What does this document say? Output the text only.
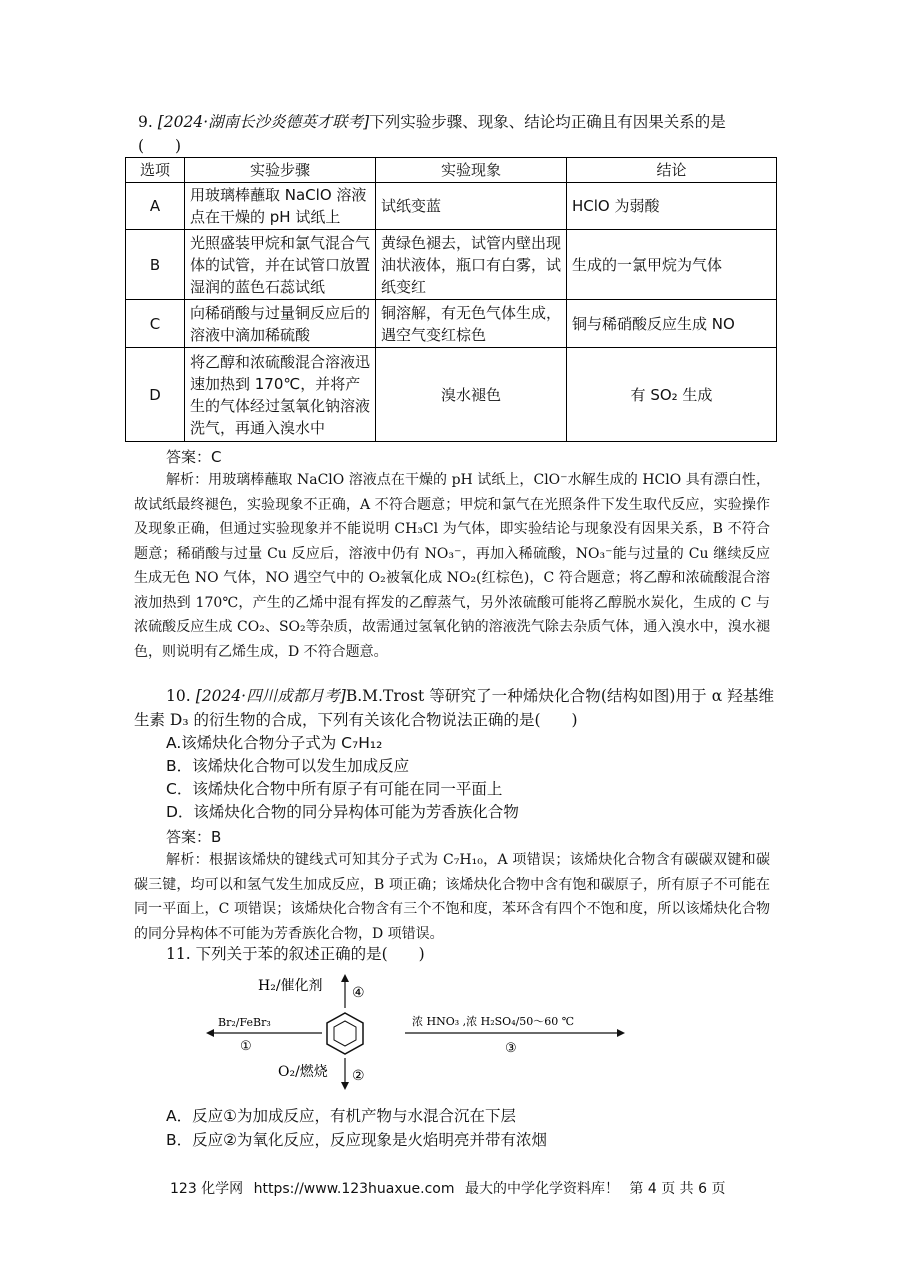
9. [2024·湖南长沙炎德英才联考]下列实验步骤、现象、结论均正确且有因果关系的是
(　　)
选项	实验步骤	实验现象	结论
A	用玻璃棒蘸取 NaClO 溶液点在干燥的 pH 试纸上	试纸变蓝	HClO 为弱酸
B	光照盛装甲烷和氯气混合气体的试管，并在试管口放置湿润的蓝色石蕊试纸	黄绿色褪去，试管内壁出现油状液体，瓶口有白雾，试纸变红	生成的一氯甲烷为气体
C	向稀硝酸与过量铜反应后的溶液中滴加稀硫酸	铜溶解，有无色气体生成，遇空气变红棕色	铜与稀硝酸反应生成 NO
D	将乙醇和浓硫酸混合溶液迅速加热到 170℃，并将产生的气体经过氢氧化钠溶液洗气，再通入溴水中	溴水褪色	有 SO₂ 生成
答案：C
解析：用玻璃棒蘸取 NaClO 溶液点在干燥的 pH 试纸上，ClO⁻水解生成的 HClO 具有漂白性，故试纸最终褪色，实验现象不正确，A 不符合题意；甲烷和氯气在光照条件下发生取代反应，实验操作及现象正确，但通过实验现象并不能说明 CH₃Cl 为气体，即实验结论与现象没有因果关系，B 不符合题意；稀硝酸与过量 Cu 反应后，溶液中仍有 NO₃⁻，再加入稀硫酸，NO₃⁻能与过量的 Cu 继续反应生成无色 NO 气体，NO 遇空气中的 O₂被氧化成 NO₂(红棕色)，C 符合题意；将乙醇和浓硫酸混合溶液加热到 170℃，产生的乙烯中混有挥发的乙醇蒸气，另外浓硫酸可能将乙醇脱水炭化，生成的 C 与浓硫酸反应生成 CO₂、SO₂等杂质，故需通过氢氧化钠的溶液洗气除去杂质气体，通入溴水中，溴水褪色，则说明有乙烯生成，D 不符合题意。
10. [2024·四川成都月考]B.M.Trost 等研究了一种烯炔化合物(结构如图)用于 α 羟基维生素 D₃ 的衍生物的合成，下列有关该化合物说法正确的是(　　)
A.该烯炔化合物分子式为 C₇H₁₂
B．该烯炔化合物可以发生加成反应
C．该烯炔化合物中所有原子有可能在同一平面上
D．该烯炔化合物的同分异构体可能为芳香族化合物
答案：B
解析：根据该烯炔的键线式可知其分子式为 C₇H₁₀，A 项错误；该烯炔化合物含有碳碳双键和碳碳三键，均可以和氢气发生加成反应，B 项正确；该烯炔化合物中含有饱和碳原子，所有原子不可能在同一平面上，C 项错误；该烯炔化合物含有三个不饱和度，苯环含有四个不饱和度，所以该烯炔化合物的同分异构体不可能为芳香族化合物，D 项错误。
11. 下列关于苯的叙述正确的是(　　)
H₂/催化剂 ④
Br₂/FeBr₃
①
浓 HNO₃ ,浓 H₂SO₄/50～60 ℃
③
O₂/燃烧 ②
A．反应①为加成反应，有机产物与水混合沉在下层
B．反应②为氧化反应，反应现象是火焰明亮并带有浓烟
123 化学网 https://www.123huaxue.com 最大的中学化学资料库！ 第 4 页 共 6 页
